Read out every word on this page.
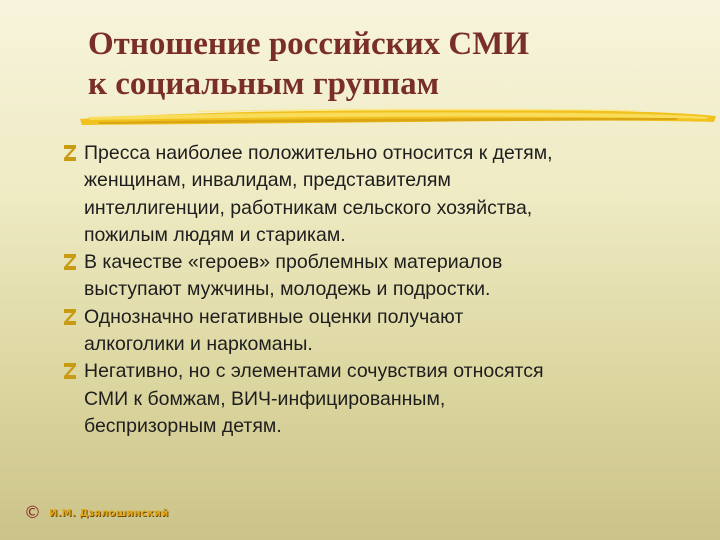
Отношение российских СМИ
к социальным группам
Пресса наиболее положительно относится к детям,
женщинам, инвалидам, представителям
интеллигенции, работникам сельского хозяйства,
пожилым людям и старикам.
В качестве «героев» проблемных материалов
выступают мужчины, молодежь и подростки.
Однозначно негативные оценки получают
алкоголики и наркоманы.
Негативно, но с элементами сочувствия относятся
СМИ к бомжам, ВИЧ-инфицированным,
беспризорным детям.
© И.М. Дзялошинский
